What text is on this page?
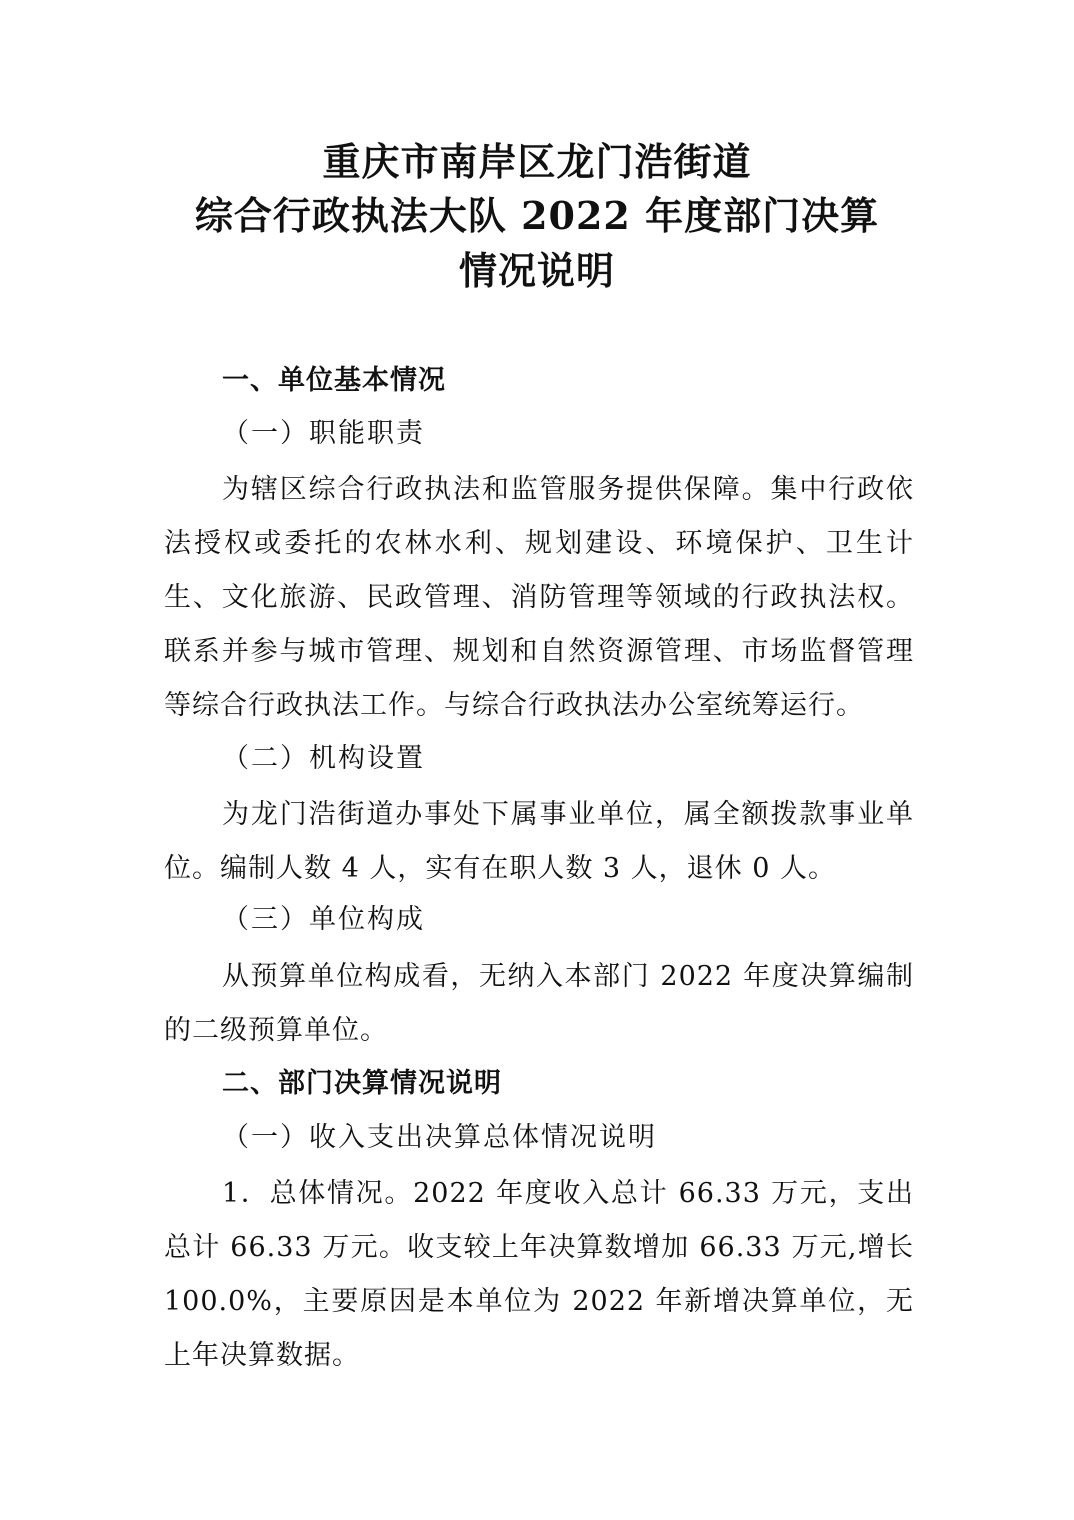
重庆市南岸区龙门浩街道
综合行政执法大队 2022 年度部门决算
情况说明
一、单位基本情况
（一）职能职责
为辖区综合行政执法和监管服务提供保障。集中行政依法授权或委托的农林水利、规划建设、环境保护、卫生计生、文化旅游、民政管理、消防管理等领域的行政执法权。联系并参与城市管理、规划和自然资源管理、市场监督管理等综合行政执法工作。与综合行政执法办公室统筹运行。
（二）机构设置
为龙门浩街道办事处下属事业单位，属全额拨款事业单位。编制人数 4 人，实有在职人数 3 人，退休 0 人。
（三）单位构成
从预算单位构成看，无纳入本部门 2022 年度决算编制的二级预算单位。
二、部门决算情况说明
（一）收入支出决算总体情况说明
1．总体情况。2022 年度收入总计 66.33 万元，支出总计 66.33 万元。收支较上年决算数增加 66.33 万元,增长 100.0%，主要原因是本单位为 2022 年新增决算单位，无上年决算数据。
